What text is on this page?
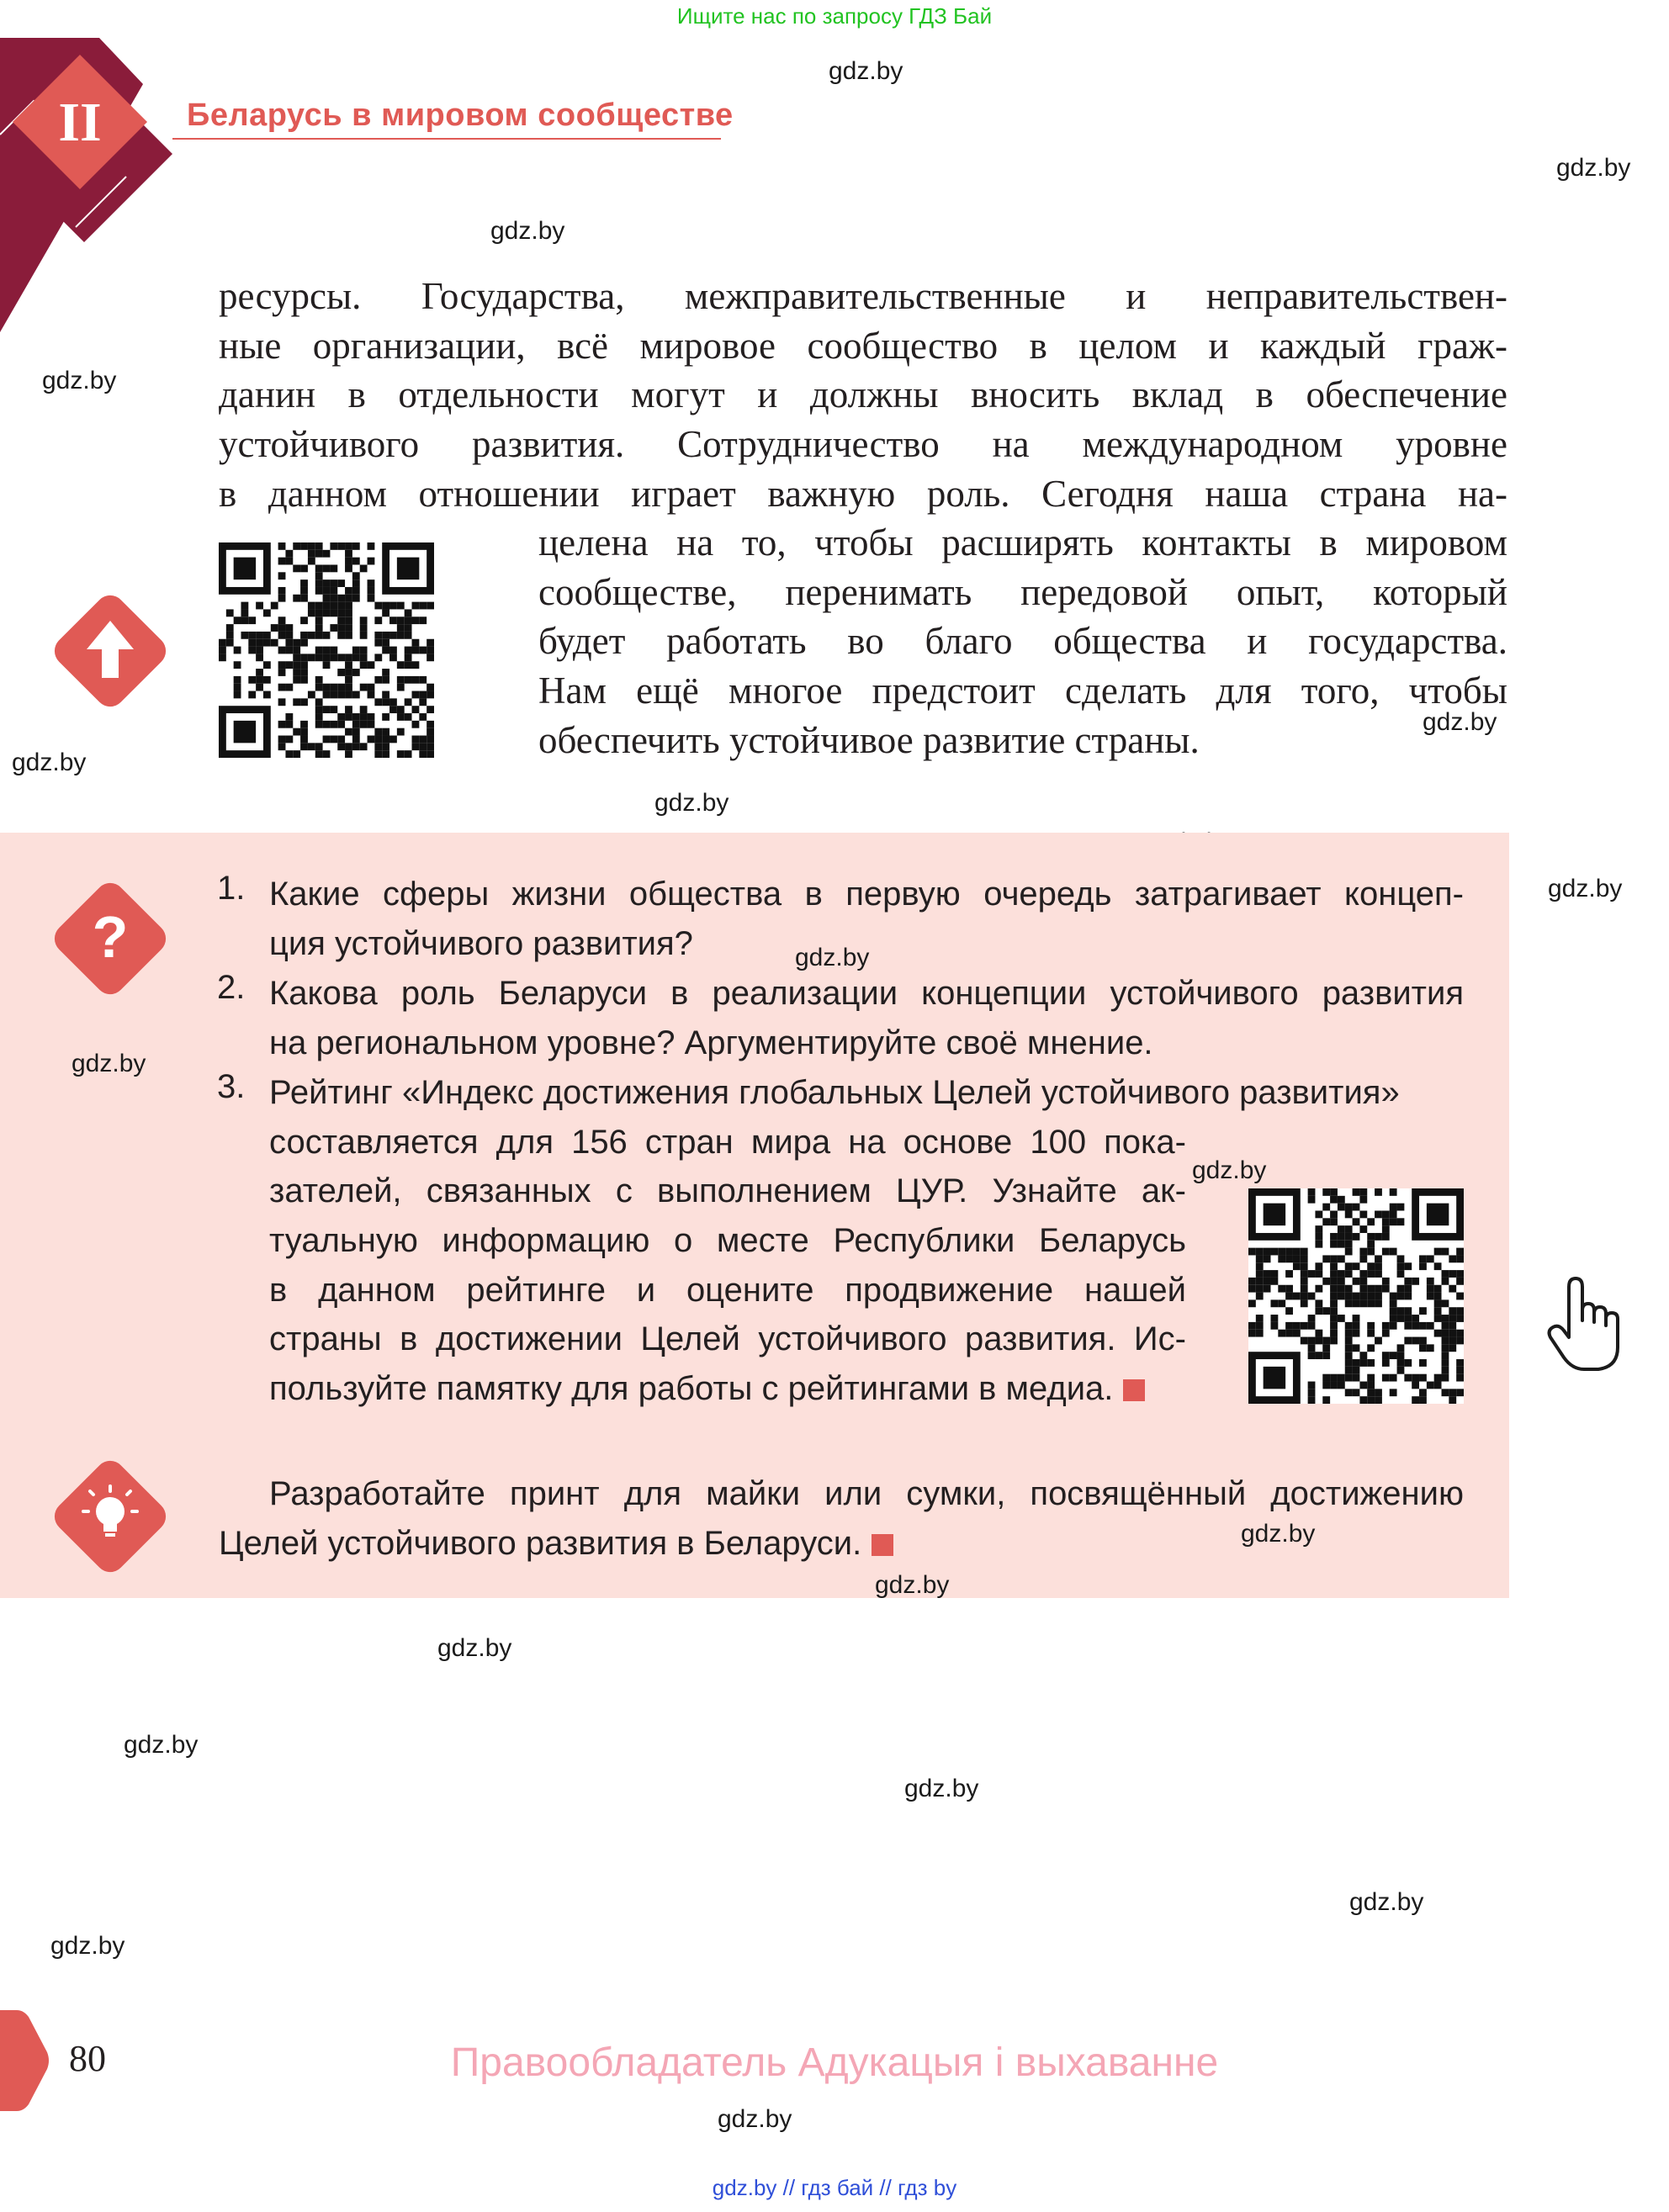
Ищите нас по запросу ГДЗ Бай
II	Беларусь в мировом сообществе
gdz.by
gdz.by
gdz.by
gdz.by
gdz.by
gdz.by
gdz.by
gdz.by
ресурсы. Государства, межправительственные и неправительствен-
ные организации, всё мировое сообщество в целом и каждый граж-
данин в отдельности могут и должны вносить вклад в обеспечение
устойчивого развития. Сотрудничество на международном уровне
в данном отношении играет важную роль. Сегодня наша страна на-
целена на то, чтобы расширять контакты в мировом
сообществе, перенимать передовой опыт, который
будет работать во благо общества и государства.
Нам ещё многое предстоит сделать для того, чтобы
обеспечить устойчивое развитие страны.
?
1. Какие сферы жизни общества в первую очередь затрагивает концеп-
ция устойчивого развития?
2. Какова роль Беларуси в реализации концепции устойчивого развития
на региональном уровне? Аргументируйте своё мнение.
3. Рейтинг «Индекс достижения глобальных Целей устойчивого развития»
составляется для 156 стран мира на основе 100 пока-
зателей, связанных с выполнением ЦУР. Узнайте ак-
туальную информацию о месте Республики Беларусь
в данном рейтинге и оцените продвижение нашей
страны в достижении Целей устойчивого развития. Ис-
пользуйте памятку для работы с рейтингами в медиа.
Разработайте принт для майки или сумки, посвящённый достижению
Целей устойчивого развития в Беларуси.
gdz.by
gdz.by
gdz.by
gdz.by
gdz.by
gdz.by
gdz.by
gdz.by
gdz.by
gdz.by
gdz.by
80	Правообладатель Адукацыя і выхаванне
gdz.by // гдз бай // гдз by
